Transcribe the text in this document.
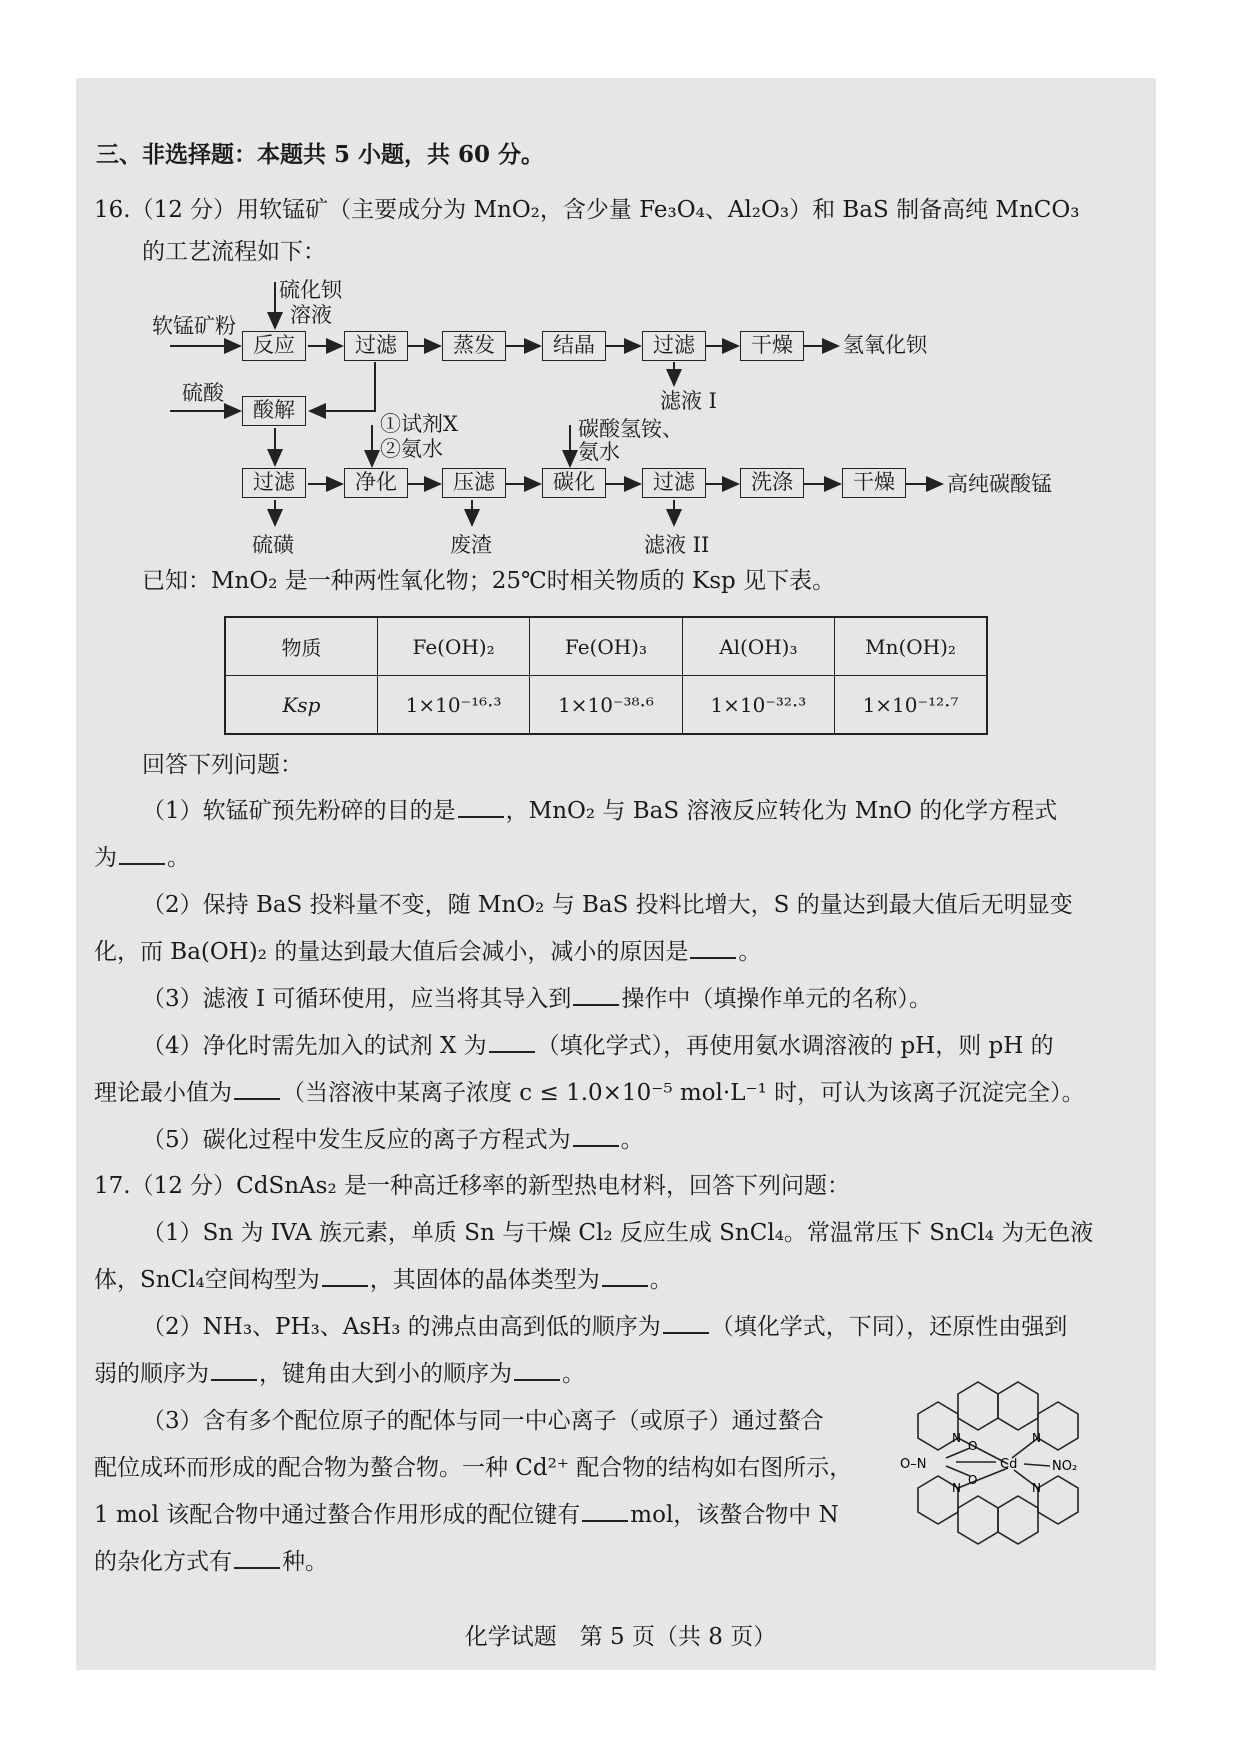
三、非选择题：本题共 5 小题，共 60 分。
16.（12 分）用软锰矿（主要成分为 MnO₂，含少量 Fe₃O₄、Al₂O₃）和 BaS 制备高纯 MnCO₃
的工艺流程如下：
硫化钡
溶液
软锰矿粉
反应	过滤	蒸发	结晶	过滤	干燥	氢氧化钡
滤液 I
硫酸
酸解
①试剂X
②氨水
碳酸氢铵、
氨水
过滤	净化	压滤	碳化	过滤	洗涤	干燥	高纯碳酸锰
硫磺	废渣	滤液 II
已知：MnO₂ 是一种两性氧化物；25℃时相关物质的 Ksp 见下表。
物质	Fe(OH)₂	Fe(OH)₃	Al(OH)₃	Mn(OH)₂
Ksp	1×10⁻¹⁶·³	1×10⁻³⁸·⁶	1×10⁻³²·³	1×10⁻¹²·⁷
回答下列问题：
（1）软锰矿预先粉碎的目的是 ，MnO₂ 与 BaS 溶液反应转化为 MnO 的化学方程式
为 。
（2）保持 BaS 投料量不变，随 MnO₂ 与 BaS 投料比增大，S 的量达到最大值后无明显变
化，而 Ba(OH)₂ 的量达到最大值后会减小，减小的原因是 。
（3）滤液 I 可循环使用，应当将其导入到 操作中（填操作单元的名称）。
（4）净化时需先加入的试剂 X 为 （填化学式），再使用氨水调溶液的 pH，则 pH 的
理论最小值为 （当溶液中某离子浓度 c ≤ 1.0×10⁻⁵ mol·L⁻¹ 时，可认为该离子沉淀完全）。
（5）碳化过程中发生反应的离子方程式为 。
17.（12 分）CdSnAs₂ 是一种高迁移率的新型热电材料，回答下列问题：
（1）Sn 为 IVA 族元素，单质 Sn 与干燥 Cl₂ 反应生成 SnCl₄。常温常压下 SnCl₄ 为无色液
体，SnCl₄空间构型为 ，其固体的晶体类型为 。
（2）NH₃、PH₃、AsH₃ 的沸点由高到低的顺序为 （填化学式，下同），还原性由强到
弱的顺序为 ，键角由大到小的顺序为 。
（3）含有多个配位原子的配体与同一中心离子（或原子）通过螯合
配位成环而形成的配合物为螯合物。一种 Cd²⁺ 配合物的结构如右图所示，
1 mol 该配合物中通过螯合作用形成的配位键有 mol，该螯合物中 N
的杂化方式有 种。
N	N
N	N
Cd
O–N
O
O
NO₂
化学试题　第 5 页（共 8 页）
